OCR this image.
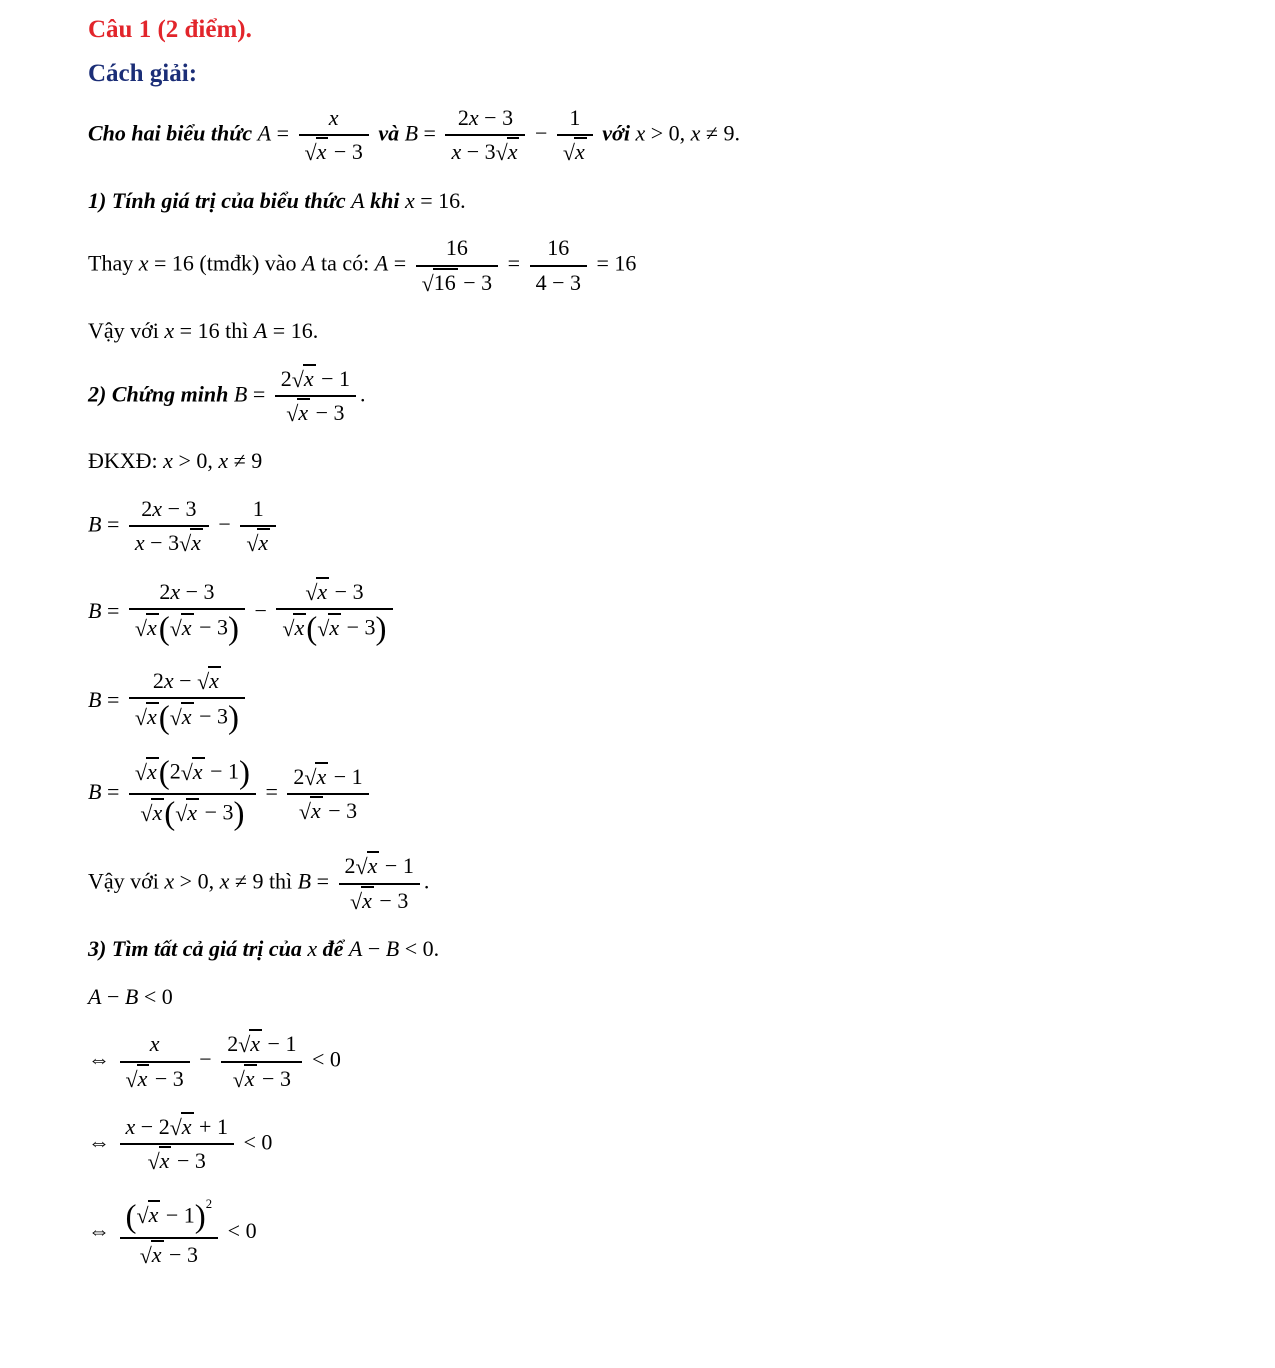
Câu 1 (2 điểm).
Cách giải:
Cho hai biểu thức $A = \frac{x}{√x - 3}$ và $B = \frac{2x - 3}{x - 3√x} - \frac{1}{√x}$ với x > 0, x ≠ 9.
1) Tính giá trị của biểu thức A khi x = 16.
Thay x = 16 (tmđk) vào A ta có: $A = \frac{16}{√16 - 3} = \frac{16}{4 - 3} = 16$
Vậy với x = 16 thì A = 16.
2) Chứng minh $B = \frac{2√x - 1}{√x - 3}$ .
ĐKXĐ: x > 0, x ≠ 9
$B = \frac{2x - 3}{x - 3√x} - \frac{1}{√x}$
$B = \frac{2x - 3}{√x(√x - 3)} - \frac{√x - 3}{√x(√x - 3)}$
$B = \frac{2x - √x}{√x(√x - 3)}$
$B = \frac{√x(2√x - 1)}{√x(√x - 3)} = \frac{2√x - 1}{√x - 3}$
Vậy với x > 0, x ≠ 9 thì $B = \frac{2√x - 1}{√x - 3}$ .
3) Tìm tất cả giá trị của x để A − B < 0.
A − B < 0
⇔ $\frac{x}{√x - 3} - \frac{2√x - 1}{√x - 3} < 0$
⇔ $\frac{x - 2√x + 1}{√x - 3} < 0$
⇔ $\frac{(√x - 1)^2}{√x - 3} < 0$
